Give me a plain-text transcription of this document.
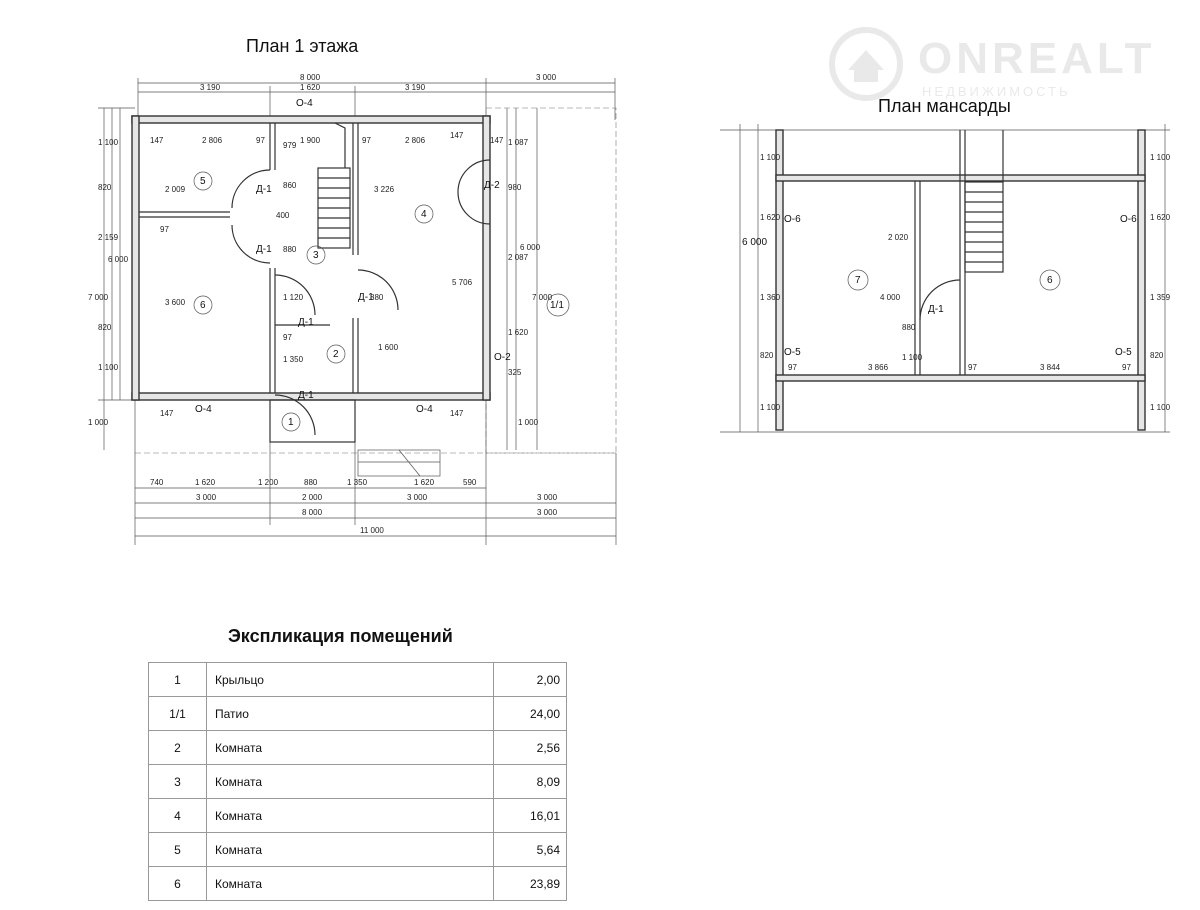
План 1 этажа
План мансарды
ONREALT
НЕДВИЖИМОСТЬ
3 190
8 000
1 620	3 190
3 000
О-4
О-4	О-4
О-2
Д-1
Д-1
Д-1
Д-1
Д-1
Д-2
5
6
3
4
2
1
1/1
740	1 620	1 200	880	1 350	1 620	590
3 000	2 000	3 000	3 000
8 000	3 000
11 000
7	6
6 000
1 100
1 620
1 360
820
1 100
1 100
1 620
1 359
820
1 100
О-6	О-6
О-5	О-5
Д-1
2 020
4 000
880
1 100
97	3 866	97	3 844	97
1 100
820
2 159
820
1 100
6 000
7 000
1 000
1 087
980
2 087
6 000
7 000
1 620
325
1 000
147	2 806	97	1 900	97	2 806	147
2 009
3 600
3 226
5 706
1 600
979
860
400
880
1 120	880
1 350
97
147	147
147
97
Экспликация помещений
1	Крыльцо	2,00
1/1	Патио	24,00
2	Комната	2,56
3	Комната	8,09
4	Комната	16,01
5	Комната	5,64
6	Комната	23,89
